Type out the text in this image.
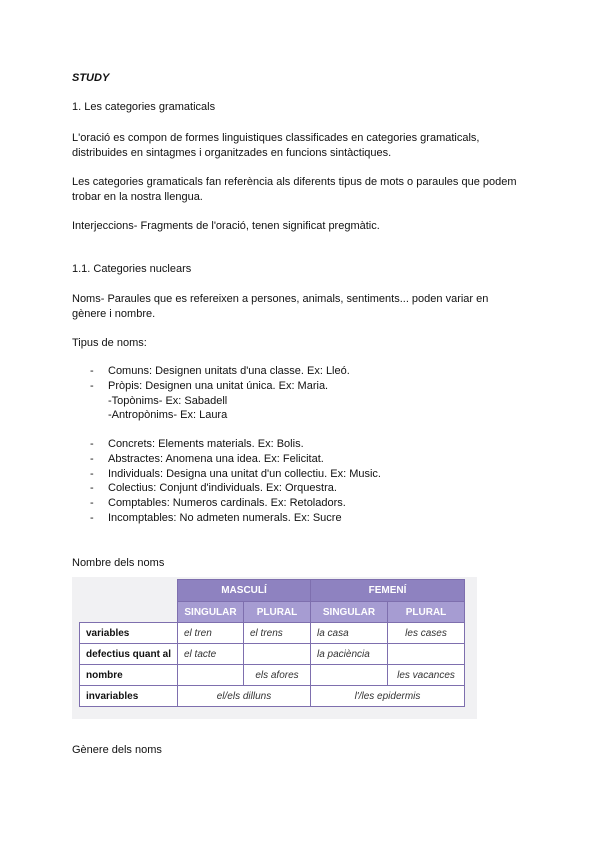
STUDY
1. Les categories gramaticals
L'oració es compon de formes linguistiques classificades en categories gramaticals,
distribuides en sintagmes i organitzades en funcions sintàctiques.
Les categories gramaticals fan referència als diferents tipus de mots o paraules que podem
trobar en la nostra llengua.
Interjeccions- Fragments de l'oració, tenen significat pregmàtic.
1.1. Categories nuclears
Noms- Paraules que es refereixen a persones, animals, sentiments... poden variar en
gènere i nombre.
Tipus de noms:
- Comuns: Designen unitats d'una classe. Ex: Lleó.
- Pròpis: Designen una unitat única. Ex: Maria.
-Topònims- Ex: Sabadell
-Antropònims- Ex: Laura
- Concrets: Elements materials. Ex: Bolis.
- Abstractes: Anomena una idea. Ex: Felicitat.
- Individuals: Designa una unitat d'un collectiu. Ex: Music.
- Colectius: Conjunt d'individuals. Ex: Orquestra.
- Comptables: Numeros cardinals. Ex: Retoladors.
- Incomptables: No admeten numerals. Ex: Sucre
Nombre dels noms
	MASCULÍ		FEMENÍ	
	SINGULAR	PLURAL	SINGULAR	PLURAL
variables	el tren	el trens	la casa	les cases
defectius quant al	el tacte		la paciència	
nombre		els afores		les vacances
invariables	el/els dilluns		l'/les epidermis	
Gènere dels noms
